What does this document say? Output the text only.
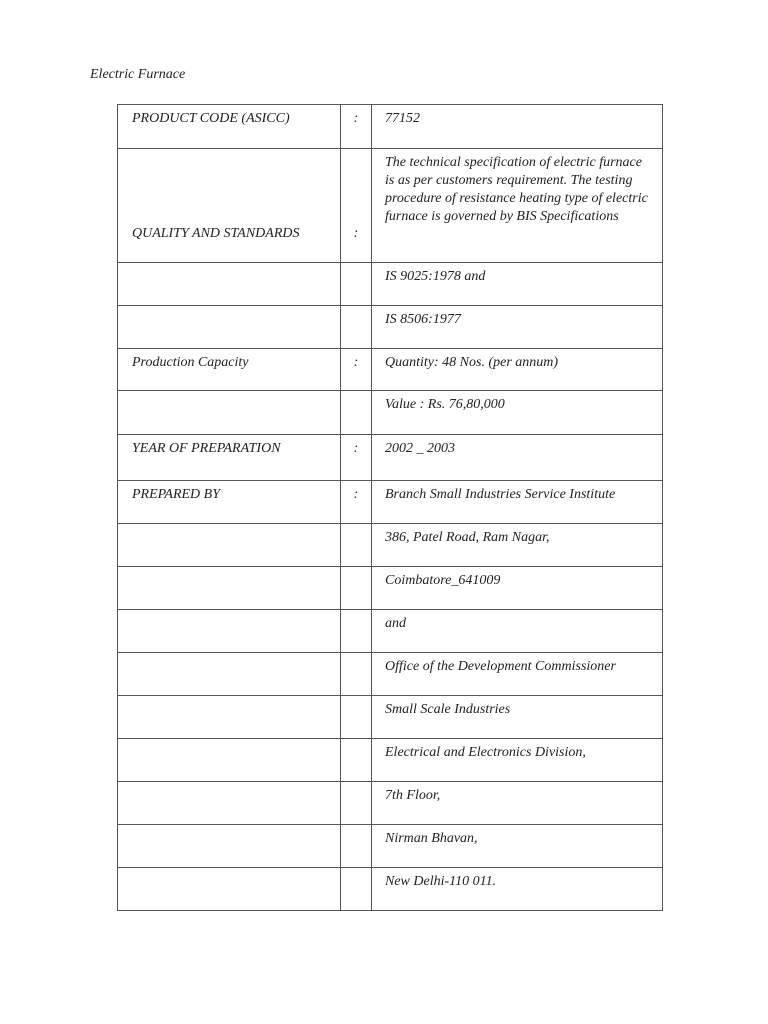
Electric Furnace
PRODUCT CODE (ASICC)	:	77152
QUALITY AND STANDARDS	:	The technical specification of electric furnace is as per customers requirement. The testing procedure of resistance heating type of electric furnace is governed by BIS Specifications
		IS 9025:1978 and
		IS 8506:1977
Production Capacity	:	Quantity: 48 Nos. (per annum)
		Value : Rs. 76,80,000
YEAR OF PREPARATION	:	2002 _ 2003
PREPARED BY	:	Branch Small Industries Service Institute
		386, Patel Road, Ram Nagar,
		Coimbatore_641009
		and
		Office of the Development Commissioner
		Small Scale Industries
		Electrical and Electronics Division,
		7th Floor,
		Nirman Bhavan,
		New Delhi-110 011.
